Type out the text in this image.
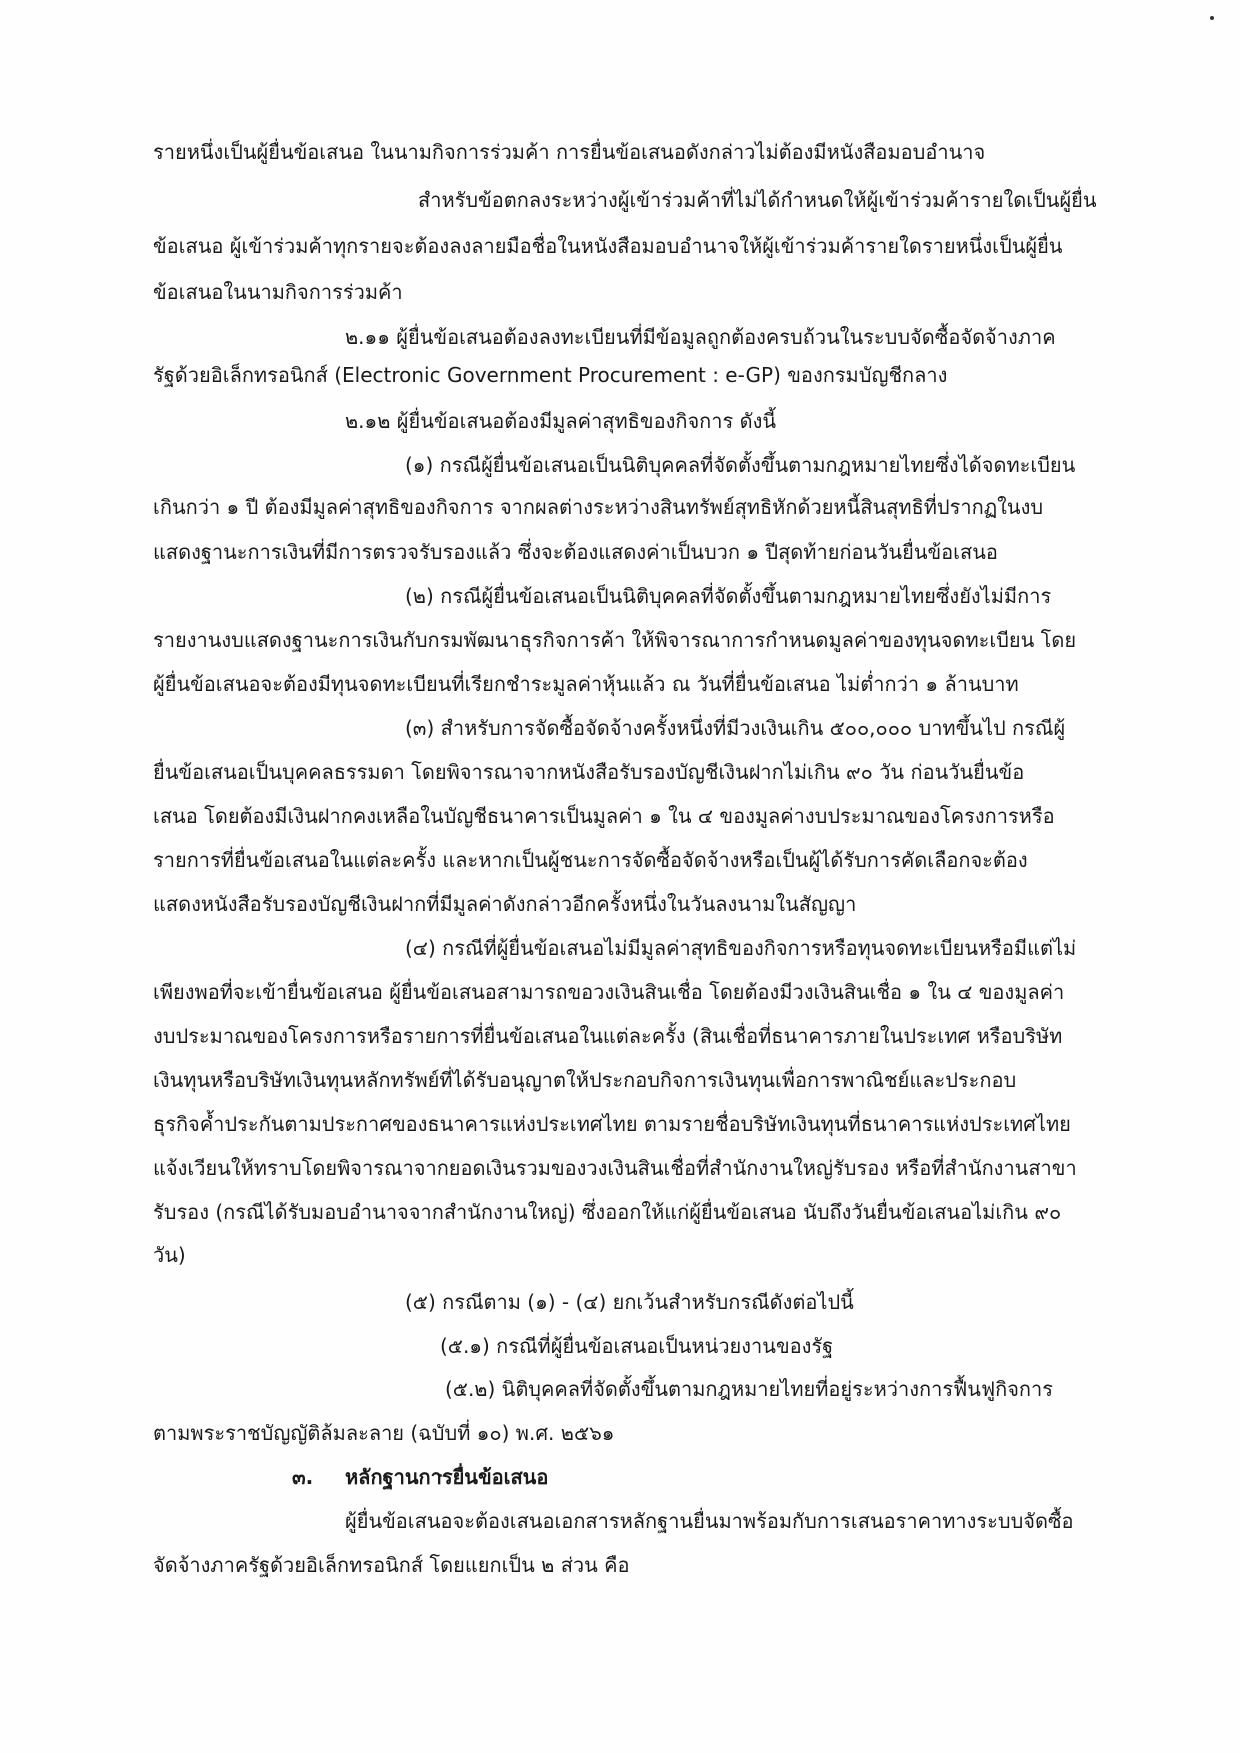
รายหนึ่งเป็นผู้ยื่นข้อเสนอ ในนามกิจการร่วมค้า การยื่นข้อเสนอดังกล่าวไม่ต้องมีหนังสือมอบอำนาจ
สำหรับข้อตกลงระหว่างผู้เข้าร่วมค้าที่ไม่ได้กำหนดให้ผู้เข้าร่วมค้ารายใดเป็นผู้ยื่น
ข้อเสนอ ผู้เข้าร่วมค้าทุกรายจะต้องลงลายมือชื่อในหนังสือมอบอำนาจให้ผู้เข้าร่วมค้ารายใดรายหนึ่งเป็นผู้ยื่น
ข้อเสนอในนามกิจการร่วมค้า
๒.๑๑ ผู้ยื่นข้อเสนอต้องลงทะเบียนที่มีข้อมูลถูกต้องครบถ้วนในระบบจัดซื้อจัดจ้างภาค
รัฐด้วยอิเล็กทรอนิกส์ (Electronic Government Procurement : e-GP) ของกรมบัญชีกลาง
๒.๑๒ ผู้ยื่นข้อเสนอต้องมีมูลค่าสุทธิของกิจการ ดังนี้
(๑) กรณีผู้ยื่นข้อเสนอเป็นนิติบุคคลที่จัดตั้งขึ้นตามกฎหมายไทยซึ่งได้จดทะเบียน
เกินกว่า ๑ ปี ต้องมีมูลค่าสุทธิของกิจการ จากผลต่างระหว่างสินทรัพย์สุทธิหักด้วยหนี้สินสุทธิที่ปรากฏในงบ
แสดงฐานะการเงินที่มีการตรวจรับรองแล้ว ซึ่งจะต้องแสดงค่าเป็นบวก ๑ ปีสุดท้ายก่อนวันยื่นข้อเสนอ
(๒) กรณีผู้ยื่นข้อเสนอเป็นนิติบุคคลที่จัดตั้งขึ้นตามกฎหมายไทยซึ่งยังไม่มีการ
รายงานงบแสดงฐานะการเงินกับกรมพัฒนาธุรกิจการค้า ให้พิจารณาการกำหนดมูลค่าของทุนจดทะเบียน โดย
ผู้ยื่นข้อเสนอจะต้องมีทุนจดทะเบียนที่เรียกชำระมูลค่าหุ้นแล้ว ณ วันที่ยื่นข้อเสนอ ไม่ต่ำกว่า ๑ ล้านบาท
(๓) สำหรับการจัดซื้อจัดจ้างครั้งหนึ่งที่มีวงเงินเกิน ๕๐๐,๐๐๐ บาทขึ้นไป กรณีผู้
ยื่นข้อเสนอเป็นบุคคลธรรมดา โดยพิจารณาจากหนังสือรับรองบัญชีเงินฝากไม่เกิน ๙๐ วัน ก่อนวันยื่นข้อ
เสนอ โดยต้องมีเงินฝากคงเหลือในบัญชีธนาคารเป็นมูลค่า ๑ ใน ๔ ของมูลค่างบประมาณของโครงการหรือ
รายการที่ยื่นข้อเสนอในแต่ละครั้ง และหากเป็นผู้ชนะการจัดซื้อจัดจ้างหรือเป็นผู้ได้รับการคัดเลือกจะต้อง
แสดงหนังสือรับรองบัญชีเงินฝากที่มีมูลค่าดังกล่าวอีกครั้งหนึ่งในวันลงนามในสัญญา
(๔) กรณีที่ผู้ยื่นข้อเสนอไม่มีมูลค่าสุทธิของกิจการหรือทุนจดทะเบียนหรือมีแต่ไม่
เพียงพอที่จะเข้ายื่นข้อเสนอ ผู้ยื่นข้อเสนอสามารถขอวงเงินสินเชื่อ โดยต้องมีวงเงินสินเชื่อ ๑ ใน ๔ ของมูลค่า
งบประมาณของโครงการหรือรายการที่ยื่นข้อเสนอในแต่ละครั้ง (สินเชื่อที่ธนาคารภายในประเทศ หรือบริษัท
เงินทุนหรือบริษัทเงินทุนหลักทรัพย์ที่ได้รับอนุญาตให้ประกอบกิจการเงินทุนเพื่อการพาณิชย์และประกอบ
ธุรกิจค้ำประกันตามประกาศของธนาคารแห่งประเทศไทย ตามรายชื่อบริษัทเงินทุนที่ธนาคารแห่งประเทศไทย
แจ้งเวียนให้ทราบโดยพิจารณาจากยอดเงินรวมของวงเงินสินเชื่อที่สำนักงานใหญ่รับรอง หรือที่สำนักงานสาขา
รับรอง (กรณีได้รับมอบอำนาจจากสำนักงานใหญ่) ซึ่งออกให้แก่ผู้ยื่นข้อเสนอ นับถึงวันยื่นข้อเสนอไม่เกิน ๙๐
วัน)
(๕) กรณีตาม (๑) - (๔) ยกเว้นสำหรับกรณีดังต่อไปนี้
(๕.๑) กรณีที่ผู้ยื่นข้อเสนอเป็นหน่วยงานของรัฐ
(๕.๒) นิติบุคคลที่จัดตั้งขึ้นตามกฎหมายไทยที่อยู่ระหว่างการฟื้นฟูกิจการ
ตามพระราชบัญญัติล้มละลาย (ฉบับที่ ๑๐) พ.ศ. ๒๕๖๑
๓. หลักฐานการยื่นข้อเสนอ
ผู้ยื่นข้อเสนอจะต้องเสนอเอกสารหลักฐานยื่นมาพร้อมกับการเสนอราคาทางระบบจัดซื้อ
จัดจ้างภาครัฐด้วยอิเล็กทรอนิกส์ โดยแยกเป็น ๒ ส่วน คือ
